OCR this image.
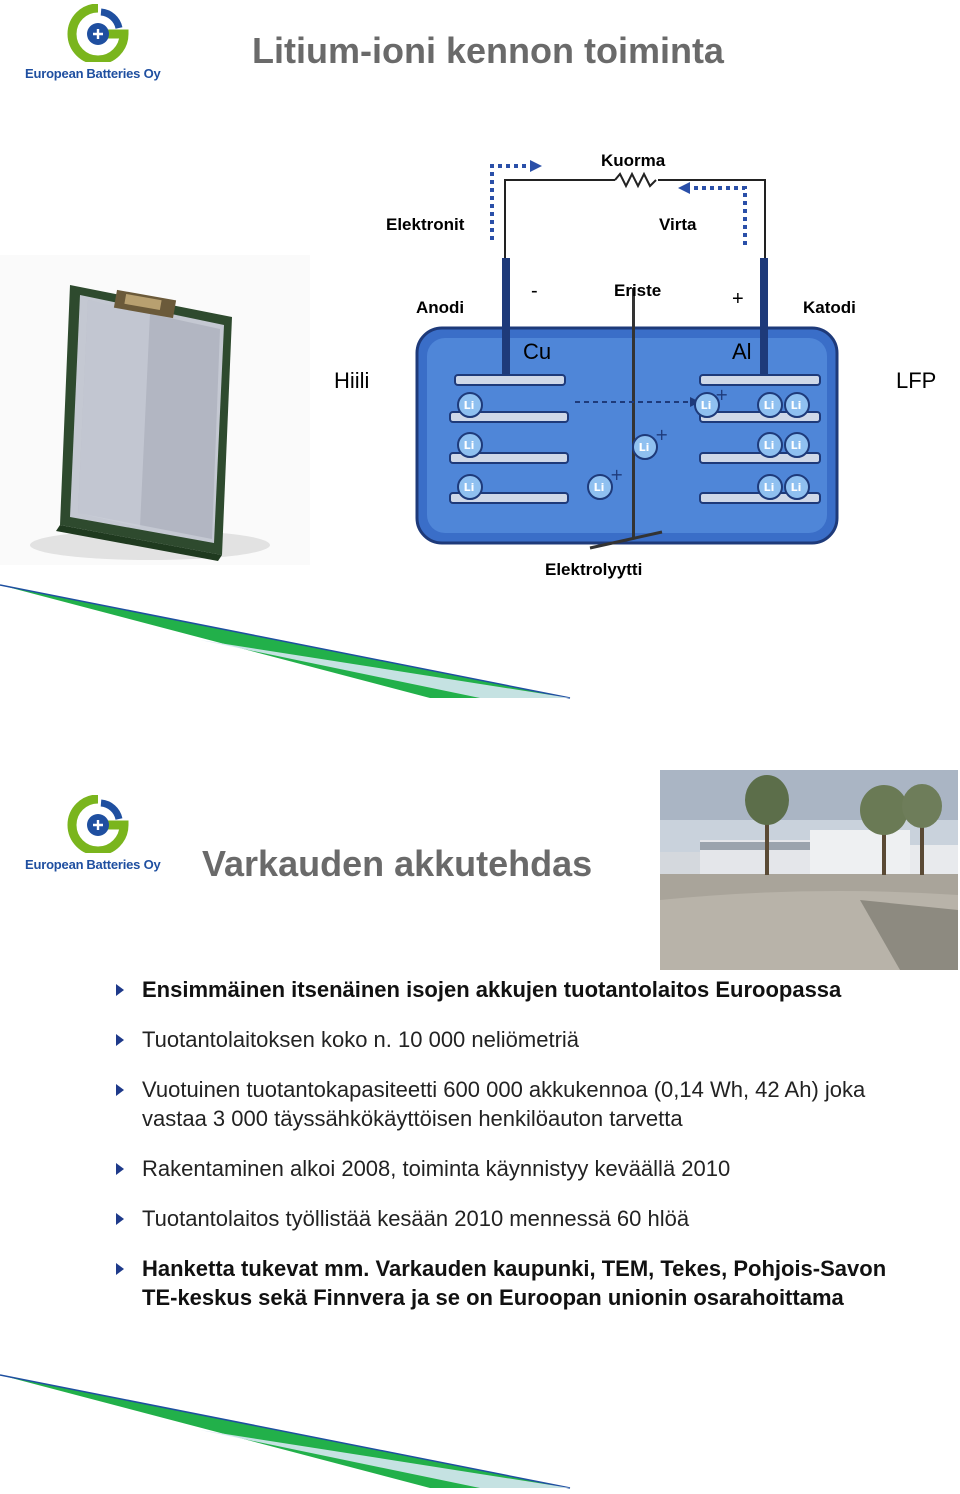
European Batteries Oy
Litium-ioni kennon toiminta
Li
Li
Li
Li	Li Li
Li Li
Li Li
Li
Li
+
+
+
Kuorma
Elektronit	Virta
Anodi
-	Eriste	+	Katodi
Cu	Al
Hiili	LFP
Elektrolyytti
European Batteries Oy Varkauden akkutehdas
Ensimmäinen itsenäinen isojen akkujen tuotantolaitos Euroopassa
Tuotantolaitoksen koko n. 10 000 neliömetriä
Vuotuinen tuotantokapasiteetti 600 000 akkukennoa (0,14 Wh, 42 Ah) joka vastaa 3 000 täyssähkökäyttöisen henkilöauton tarvetta
Rakentaminen alkoi 2008, toiminta käynnistyy keväällä 2010
Tuotantolaitos työllistää kesään 2010 mennessä 60 hlöä
Hanketta tukevat mm. Varkauden kaupunki, TEM, Tekes, Pohjois-Savon TE-keskus sekä Finnvera ja se on Euroopan unionin osarahoittama
